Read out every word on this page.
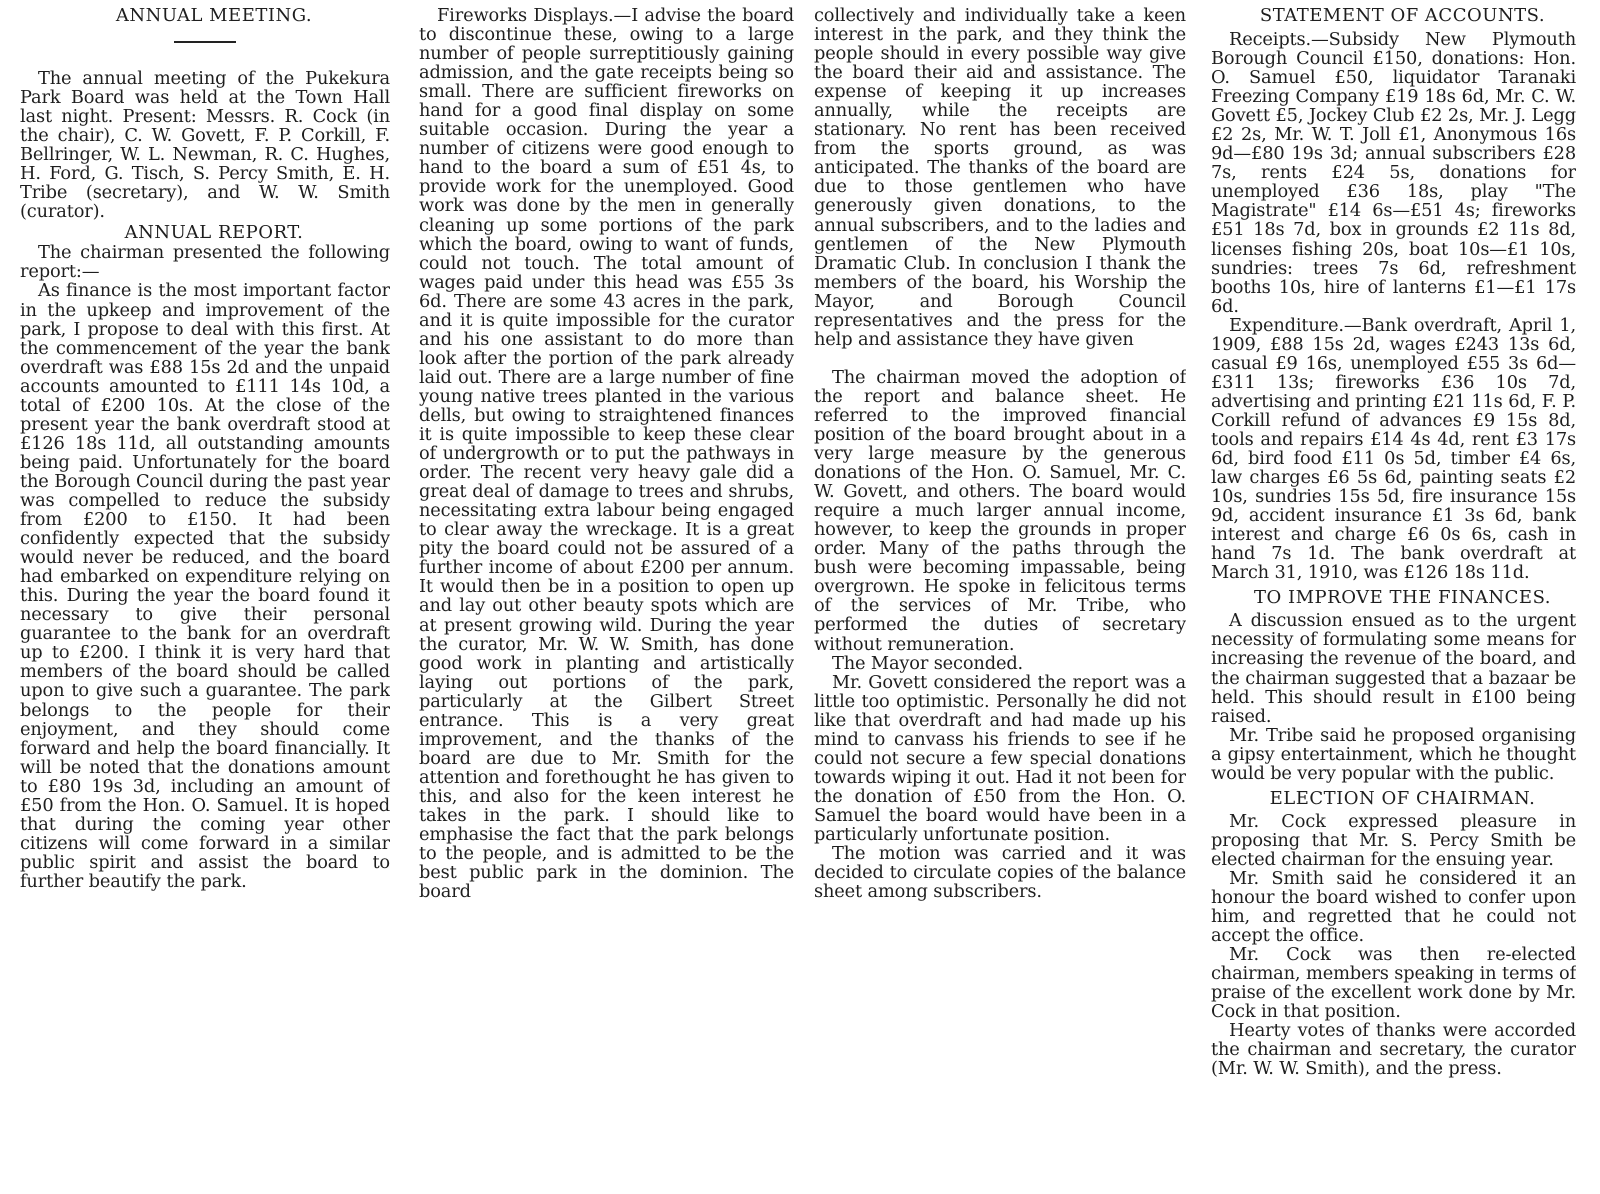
ANNUAL MEETING.

The annual meeting of the Pukekura Park Board was held at the Town Hall last night. Present: Messrs. R. Cock (in the chair), C. W. Govett, F. P. Corkill, F. Bellringer, W. L. Newman, R. C. Hughes, H. Ford, G. Tisch, S. Percy Smith, E. H. Tribe (secretary), and W. W. Smith (curator).

ANNUAL REPORT.

The chairman presented the following report:—

As finance is the most important factor in the upkeep and improvement of the park, I propose to deal with this first. At the commencement of the year the bank overdraft was £88 15s 2d and the unpaid accounts amounted to £111 14s 10d, a total of £200 10s. At the close of the present year the bank overdraft stood at £126 18s 11d, all outstanding amounts being paid. Unfortunately for the board the Borough Council during the past year was compelled to reduce the subsidy from £200 to £150. It had been confidently expected that the subsidy would never be reduced, and the board had embarked on expenditure relying on this. During the year the board found it necessary to give their personal guarantee to the bank for an overdraft up to £200. I think it is very hard that members of the board should be called upon to give such a guarantee. The park belongs to the people for their enjoyment, and they should come forward and help the board financially. It will be noted that the donations amount to £80 19s 3d, including an amount of £50 from the Hon. O. Samuel. It is hoped that during the coming year other citizens will come forward in a similar public spirit and assist the board to further beautify the park.

Fireworks Displays.—I advise the board to discontinue these, owing to a large number of people surreptitiously gaining admission, and the gate receipts being so small. There are sufficient fireworks on hand for a good final display on some suitable occasion. During the year a number of citizens were good enough to hand to the board a sum of £51 4s, to provide work for the unemployed. Good work was done by the men in generally cleaning up some portions of the park which the board, owing to want of funds, could not touch. The total amount of wages paid under this head was £55 3s 6d. There are some 43 acres in the park, and it is quite impossible for the curator and his one assistant to do more than look after the portion of the park already laid out. There are a large number of fine young native trees planted in the various dells, but owing to straightened finances it is quite impossible to keep these clear of undergrowth or to put the pathways in order. The recent very heavy gale did a great deal of damage to trees and shrubs, necessitating extra labour being engaged to clear away the wreckage. It is a great pity the board could not be assured of a further income of about £200 per annum. It would then be in a position to open up and lay out other beauty spots which are at present growing wild. During the year the curator, Mr. W. W. Smith, has done good work in planting and artistically laying out portions of the park, particularly at the Gilbert Street entrance. This is a very great improvement, and the thanks of the board are due to Mr. Smith for the attention and forethought he has given to this, and also for the keen interest he takes in the park. I should like to emphasise the fact that the park belongs to the people, and is admitted to be the best public park in the dominion. The board

collectively and individually take a keen interest in the park, and they think the people should in every possible way give the board their aid and assistance. The expense of keeping it up increases annually, while the receipts are stationary. No rent has been received from the sports ground, as was anticipated. The thanks of the board are due to those gentlemen who have generously given donations, to the annual subscribers, and to the ladies and gentlemen of the New Plymouth Dramatic Club. In conclusion I thank the members of the board, his Worship the Mayor, and Borough Council representatives and the press for the help and assistance they have given

The chairman moved the adoption of the report and balance sheet. He referred to the improved financial position of the board brought about in a very large measure by the generous donations of the Hon. O. Samuel, Mr. C. W. Govett, and others. The board would require a much larger annual income, however, to keep the grounds in proper order. Many of the paths through the bush were becoming impassable, being overgrown. He spoke in felicitous terms of the services of Mr. Tribe, who performed the duties of secretary without remuneration.

The Mayor seconded.

Mr. Govett considered the report was a little too optimistic. Personally he did not like that overdraft and had made up his mind to canvass his friends to see if he could not secure a few special donations towards wiping it out. Had it not been for the donation of £50 from the Hon. O. Samuel the board would have been in a particularly unfortunate position.

The motion was carried and it was decided to circulate copies of the balance sheet among subscribers.

STATEMENT OF ACCOUNTS.

Receipts.—Subsidy New Plymouth Borough Council £150, donations: Hon. O. Samuel £50, liquidator Taranaki Freezing Company £19 18s 6d, Mr. C. W. Govett £5, Jockey Club £2 2s, Mr. J. Legg £2 2s, Mr. W. T. Joll £1, Anonymous 16s 9d—£80 19s 3d; annual subscribers £28 7s, rents £24 5s, donations for unemployed £36 18s, play "The Magistrate" £14 6s—£51 4s; fireworks £51 18s 7d, box in grounds £2 11s 8d, licenses fishing 20s, boat 10s—£1 10s, sundries: trees 7s 6d, refreshment booths 10s, hire of lanterns £1—£1 17s 6d.

Expenditure.—Bank overdraft, April 1, 1909, £88 15s 2d, wages £243 13s 6d, casual £9 16s, unemployed £55 3s 6d—£311 13s; fireworks £36 10s 7d, advertising and printing £21 11s 6d, F. P. Corkill refund of advances £9 15s 8d, tools and repairs £14 4s 4d, rent £3 17s 6d, bird food £11 0s 5d, timber £4 6s, law charges £6 5s 6d, painting seats £2 10s, sundries 15s 5d, fire insurance 15s 9d, accident insurance £1 3s 6d, bank interest and charge £6 0s 6s, cash in hand 7s 1d. The bank overdraft at March 31, 1910, was £126 18s 11d.

TO IMPROVE THE FINANCES.

A discussion ensued as to the urgent necessity of formulating some means for increasing the revenue of the board, and the chairman suggested that a bazaar be held. This should result in £100 being raised.

Mr. Tribe said he proposed organising a gipsy entertainment, which he thought would be very popular with the public.

ELECTION OF CHAIRMAN.

Mr. Cock expressed pleasure in proposing that Mr. S. Percy Smith be elected chairman for the ensuing year.

Mr. Smith said he considered it an honour the board wished to confer upon him, and regretted that he could not accept the office.

Mr. Cock was then re-elected chairman, members speaking in terms of praise of the excellent work done by Mr. Cock in that position.

Hearty votes of thanks were accorded the chairman and secretary, the curator (Mr. W. W. Smith), and the press.
